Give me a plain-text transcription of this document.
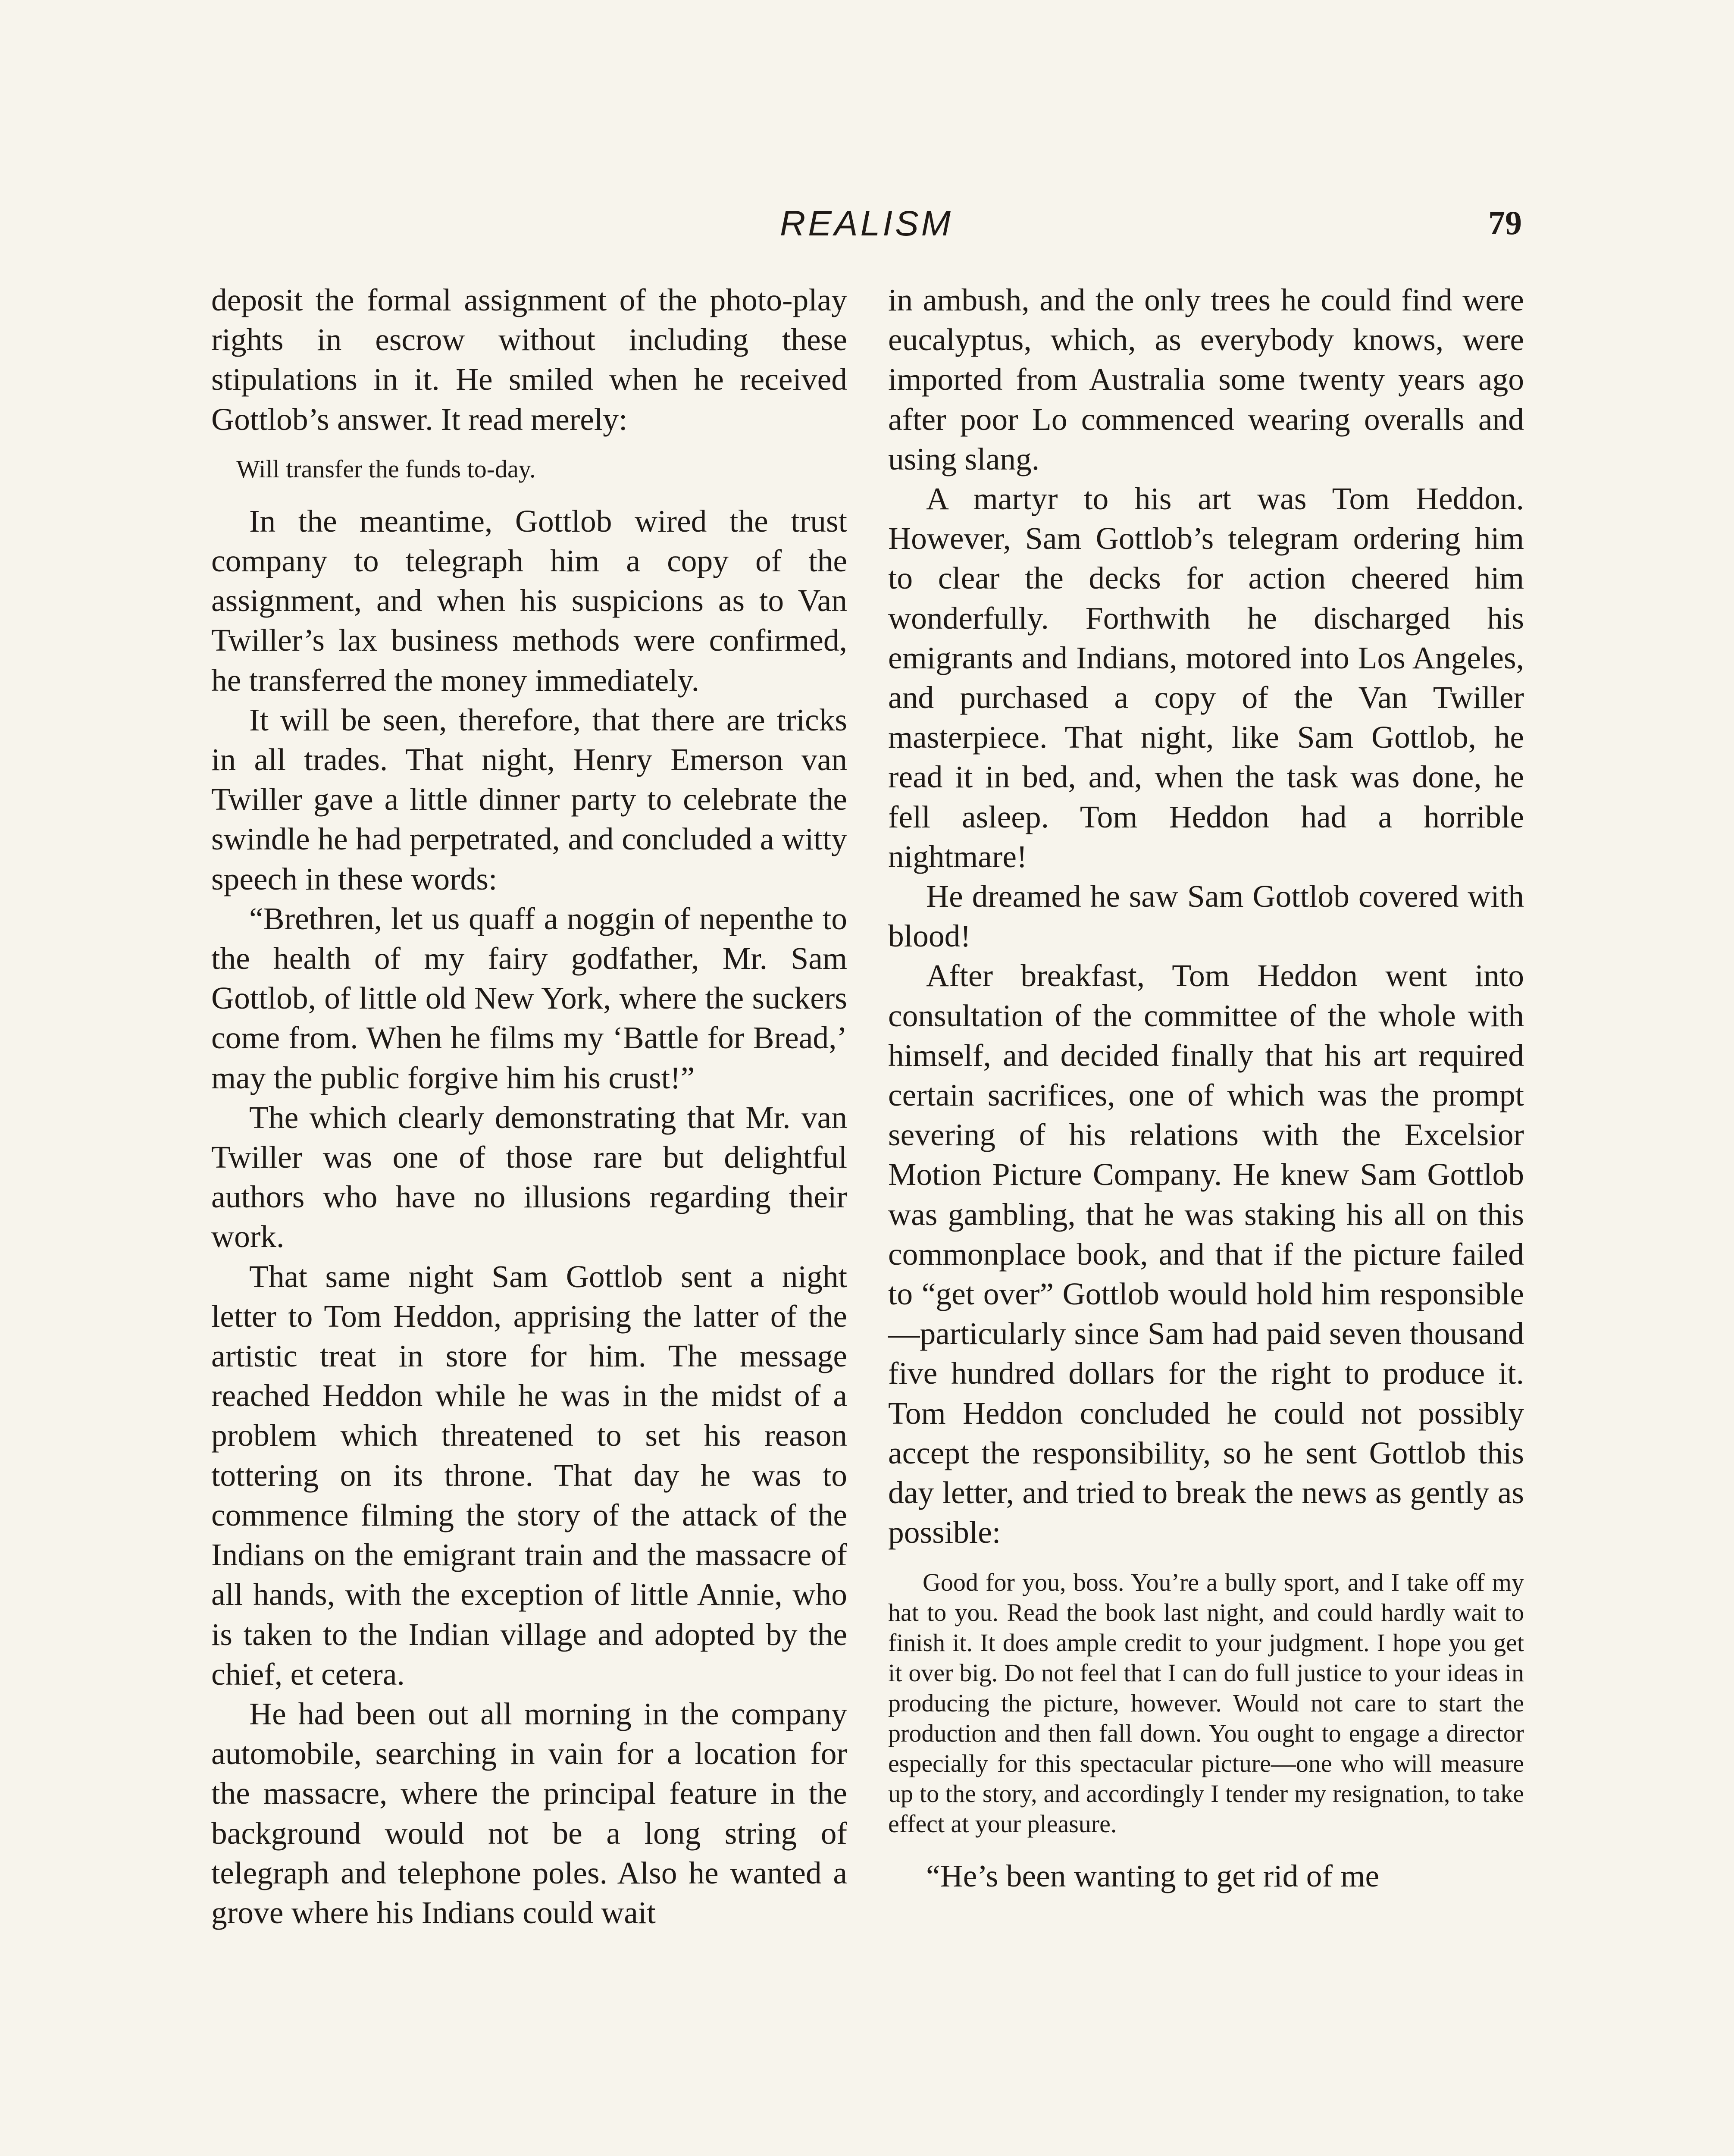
REALISM	79

deposit the formal assignment of the photo-play rights in escrow without including these stipulations in it. He smiled when he received Gottlob’s answer. It read merely:

Will transfer the funds to-day.

In the meantime, Gottlob wired the trust company to telegraph him a copy of the assignment, and when his suspicions as to Van Twiller’s lax business methods were confirmed, he transferred the money immediately.

It will be seen, therefore, that there are tricks in all trades. That night, Henry Emerson van Twiller gave a little dinner party to celebrate the swindle he had perpetrated, and concluded a witty speech in these words:

“Brethren, let us quaff a noggin of nepenthe to the health of my fairy godfather, Mr. Sam Gottlob, of little old New York, where the suckers come from. When he films my ‘Battle for Bread,’ may the public forgive him his crust!”

The which clearly demonstrating that Mr. van Twiller was one of those rare but delightful authors who have no illusions regarding their work.

That same night Sam Gottlob sent a night letter to Tom Heddon, apprising the latter of the artistic treat in store for him. The message reached Heddon while he was in the midst of a problem which threatened to set his reason tottering on its throne. That day he was to commence filming the story of the attack of the Indians on the emigrant train and the massacre of all hands, with the exception of little Annie, who is taken to the Indian village and adopted by the chief, et cetera.

He had been out all morning in the company automobile, searching in vain for a location for the massacre, where the principal feature in the background would not be a long string of telegraph and telephone poles. Also he wanted a grove where his Indians could wait

in ambush, and the only trees he could find were eucalyptus, which, as everybody knows, were imported from Australia some twenty years ago after poor Lo commenced wearing overalls and using slang.

A martyr to his art was Tom Heddon. However, Sam Gottlob’s telegram ordering him to clear the decks for action cheered him wonderfully. Forthwith he discharged his emigrants and Indians, motored into Los Angeles, and purchased a copy of the Van Twiller masterpiece. That night, like Sam Gottlob, he read it in bed, and, when the task was done, he fell asleep. Tom Heddon had a horrible nightmare!

He dreamed he saw Sam Gottlob covered with blood!

After breakfast, Tom Heddon went into consultation of the committee of the whole with himself, and decided finally that his art required certain sacrifices, one of which was the prompt severing of his relations with the Excelsior Motion Picture Company. He knew Sam Gottlob was gambling, that he was staking his all on this commonplace book, and that if the picture failed to “get over” Gottlob would hold him responsible—particularly since Sam had paid seven thousand five hundred dollars for the right to produce it. Tom Heddon concluded he could not possibly accept the responsibility, so he sent Gottlob this day letter, and tried to break the news as gently as possible:

Good for you, boss. You’re a bully sport, and I take off my hat to you. Read the book last night, and could hardly wait to finish it. It does ample credit to your judgment. I hope you get it over big. Do not feel that I can do full justice to your ideas in producing the picture, however. Would not care to start the production and then fall down. You ought to engage a director especially for this spectacular picture—one who will measure up to the story, and accordingly I tender my resignation, to take effect at your pleasure.

“He’s been wanting to get rid of me
